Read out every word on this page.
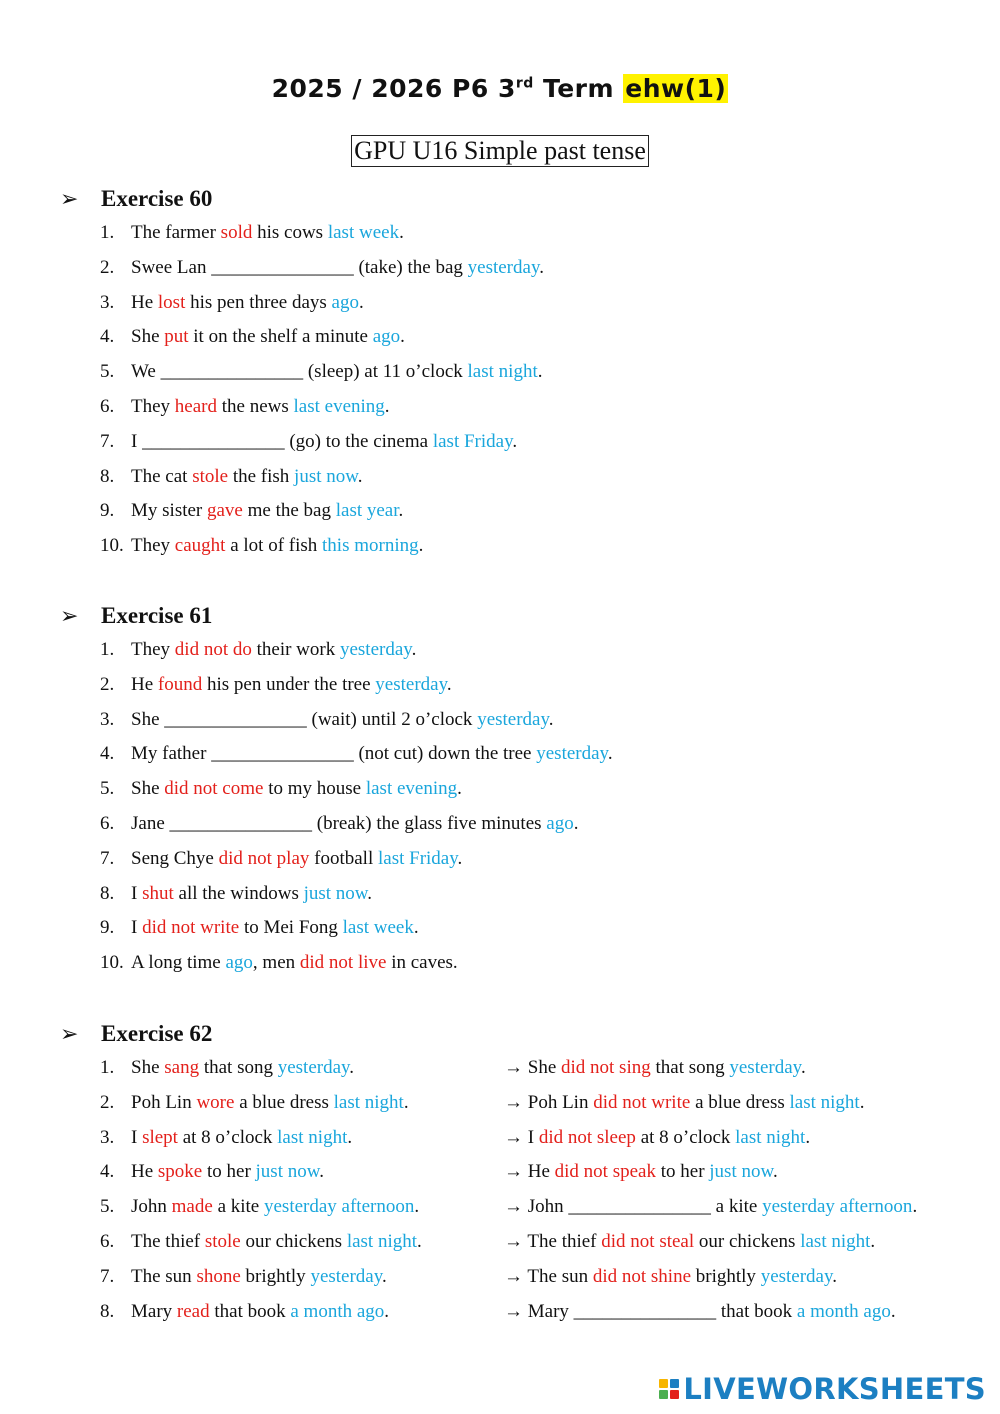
2025 / 2026 P6 3rd Term ehw(1)
GPU U16 Simple past tense
➢ Exercise 60
1. The farmer sold his cows last week.
2. Swee Lan _______________ (take) the bag yesterday.
3. He lost his pen three days ago.
4. She put it on the shelf a minute ago.
5. We _______________ (sleep) at 11 o’clock last night.
6. They heard the news last evening.
7. I _______________ (go) to the cinema last Friday.
8. The cat stole the fish just now.
9. My sister gave me the bag last year.
10. They caught a lot of fish this morning.
➢ Exercise 61
1. They did not do their work yesterday.
2. He found his pen under the tree yesterday.
3. She _______________ (wait) until 2 o’clock yesterday.
4. My father _______________ (not cut) down the tree yesterday.
5. She did not come to my house last evening.
6. Jane _______________ (break) the glass five minutes ago.
7. Seng Chye did not play football last Friday.
8. I shut all the windows just now.
9. I did not write to Mei Fong last week.
10. A long time ago, men did not live in caves.
➢ Exercise 62
1. She sang that song yesterday.	→ She did not sing that song yesterday.
2. Poh Lin wore a blue dress last night.	→ Poh Lin did not write a blue dress last night.
3. I slept at 8 o’clock last night.	→ I did not sleep at 8 o’clock last night.
4. He spoke to her just now.	→ He did not speak to her just now.
5. John made a kite yesterday afternoon.	→ John _______________ a kite yesterday afternoon.
6. The thief stole our chickens last night.	→ The thief did not steal our chickens last night.
7. The sun shone brightly yesterday.	→ The sun did not shine brightly yesterday.
8. Mary read that book a month ago.	→ Mary _______________ that book a month ago.
LIVEWORKSHEETS
